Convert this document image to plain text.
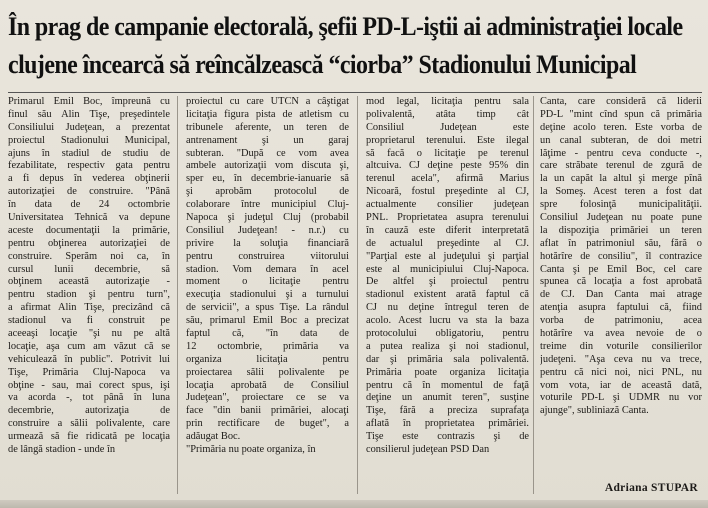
În prag de campanie electorală, şefii PD-L-iştii ai administraţiei locale
clujene încearcă să reîncălzească “ciorba” Stadionului Municipal
Primarul Emil Boc, împreună cu
finul său Alin Tişe, preşedintele
Consiliului Judeţean, a prezentat
proiectul Stadionului Municipal,
ajuns în stadiul de studiu de
fezabilitate, respectiv gata pentru
a fi depus în vederea obţinerii
autorizaţiei de construire. "Până
în data de 24 octombrie
Universitatea Tehnică va depune
aceste documentaţii la primărie,
pentru obţinerea autorizaţiei de
construire. Sperăm noi ca, în
cursul lunii decembrie, să
obţinem această autorizaţie -
pentru stadion şi pentru turn",
a afirmat Alin Tişe, precizând că
stadionul va fi construit pe
aceeaşi locaţie "şi nu pe altă
locaţie, aşa cum am văzut că se
vehiculează în public". Potrivit lui
Tişe, Primăria Cluj-Napoca va
obţine - sau, mai corect spus, işi
va acorda -, tot până în luna
decembrie, autorizaţia de
construire a sălii polivalente, care
urmează să fie ridicată pe locaţia
de lângă stadion - unde în
proiectul cu care UTCN a câştigat
licitaţia figura pista de atletism cu
tribunele aferente, un teren de
antrenament şi un garaj
subteran. "După ce vom avea
ambele autorizaţii vom discuta şi,
sper eu, în decembrie-ianuarie să
şi aprobăm protocolul de
colaborare între municipiul Cluj-
Napoca şi judeţul Cluj (probabil
Consiliul Judeţean! - n.r.) cu
privire la soluţia financiară
pentru construirea viitorului
stadion. Vom demara în acel
moment o licitaţie pentru
execuţia stadionului şi a turnului
de servicii", a spus Tişe. La rândul
său, primarul Emil Boc a precizat
faptul că, "în data de
12 octombrie, primăria va
organiza licitaţia pentru
proiectarea sălii polivalente pe
locaţia aprobată de Consiliul
Judeţean", proiectare ce se va
face "din banii primăriei, alocaţi
prin rectificare de buget", a
adăugat Boc.
"Primăria nu poate organiza, în
mod legal, licitaţia pentru sala
polivalentă, atâta timp cât
Consiliul Judeţean este
proprietarul terenului. Este ilegal
să facă o licitaţie pe terenul
altcuiva. CJ deţine peste 95% din
terenul acela", afirmă Marius
Nicoară, fostul preşedinte al CJ,
actualmente consilier judeţean
PNL. Proprietatea asupra terenului
în cauză este diferit interpretată
de actualul preşedinte al CJ.
"Parţial este al judeţului şi parţial
este al municipiului Cluj-Napoca.
De altfel şi proiectul pentru
stadionul existent arată faptul că
CJ nu deţine întregul teren de
acolo. Acest lucru va sta la baza
protocolului obligatoriu, pentru
a putea realiza şi noi stadionul,
dar şi primăria sala polivalentă.
Primăria poate organiza licitaţia
pentru că în momentul de faţă
deţine un anumit teren", susţine
Tişe, fără a preciza suprafaţa
aflată în proprietatea primăriei.
Tişe este contrazis şi de
consilierul judeţean PSD Dan
Canta, care consideră că liderii
PD-L "mint cînd spun că primăria
deţine acolo teren. Este vorba de
un canal subteran, de doi metri
lăţime - pentru ceva conducte -,
care străbate terenul de zgură de
la un capăt la altul şi merge pînă
la Someş. Acest teren a fost dat
spre folosinţă municipalităţii.
Consiliul Judeţean nu poate pune
la dispoziţia primăriei un teren
aflat în patrimoniul său, fără o
hotărîre de consiliu", îl contrazice
Canta şi pe Emil Boc, cel care
spunea că locaţia a fost aprobată
de CJ. Dan Canta mai atrage
atenţia asupra faptului că, fiind
vorba de patrimoniu, acea
hotărîre va avea nevoie de o
treime din voturile consilierilor
judeţeni. "Aşa ceva nu va trece,
pentru că nici noi, nici PNL, nu
vom vota, iar de această dată,
voturile PD-L şi UDMR nu vor
ajunge", subliniază Canta.
Adriana STUPAR
